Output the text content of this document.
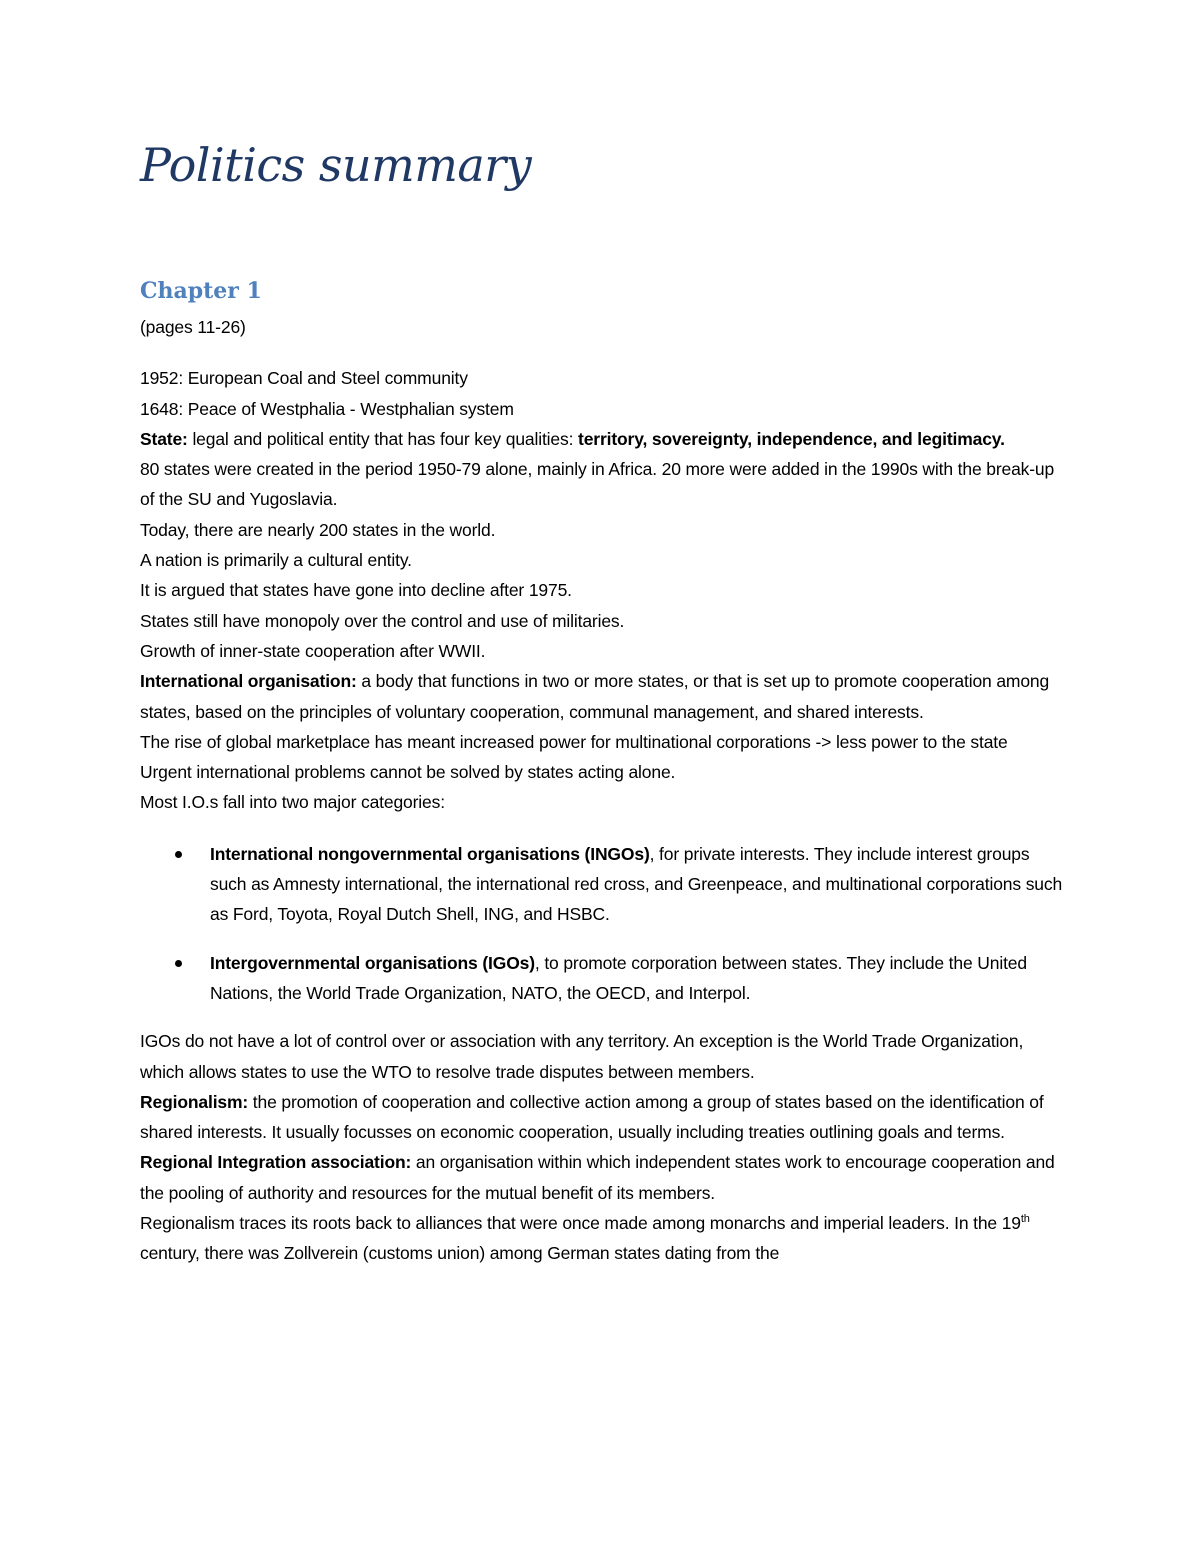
Politics summary
Chapter 1

(pages 11-26)

1952: European Coal and Steel community

1648: Peace of Westphalia - Westphalian system

State: legal and political entity that has four key qualities: territory, sovereignty, independence, and legitimacy.

80 states were created in the period 1950-79 alone, mainly in Africa. 20 more were added in the 1990s with the break-up of the SU and Yugoslavia.

Today, there are nearly 200 states in the world.

A nation is primarily a cultural entity.

It is argued that states have gone into decline after 1975.

States still have monopoly over the control and use of militaries.

Growth of inner-state cooperation after WWII.

International organisation: a body that functions in two or more states, or that is set up to promote cooperation among states, based on the principles of voluntary cooperation, communal management, and shared interests.

The rise of global marketplace has meant increased power for multinational corporations -> less power to the state

Urgent international problems cannot be solved by states acting alone.

Most I.O.s fall into two major categories:

International nongovernmental organisations (INGOs), for private interests. They include interest groups such as Amnesty international, the international red cross, and Greenpeace, and multinational corporations such as Ford, Toyota, Royal Dutch Shell, ING, and HSBC.
Intergovernmental organisations (IGOs), to promote corporation between states. They include the United Nations, the World Trade Organization, NATO, the OECD, and Interpol.

IGOs do not have a lot of control over or association with any territory. An exception is the World Trade Organization, which allows states to use the WTO to resolve trade disputes between members.

Regionalism: the promotion of cooperation and collective action among a group of states based on the identification of shared interests. It usually focusses on economic cooperation, usually including treaties outlining goals and terms.

Regional Integration association: an organisation within which independent states work to encourage cooperation and the pooling of authority and resources for the mutual benefit of its members.

Regionalism traces its roots back to alliances that were once made among monarchs and imperial leaders. In the 19th century, there was Zollverein (customs union) among German states dating from the
